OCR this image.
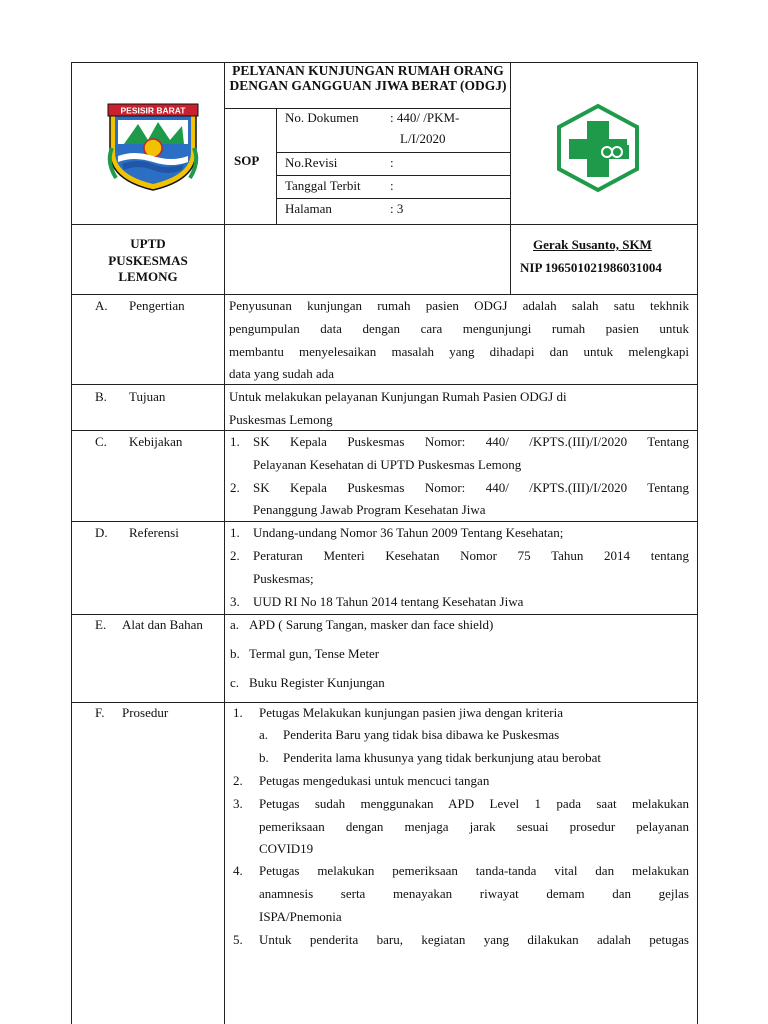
PESISIR BARAT
PELYANAN KUNJUNGAN RUMAH ORANG DENGAN GANGGUAN JIWA BERAT (ODGJ)
SOP
No. Dokumen : 440/ /PKM-
L/I/2020
No.Revisi	:
Tanggal Terbit :
Halaman	: 3
UPTD
PUSKESMAS
LEMONG
Gerak Susanto, SKM
NIP 196501021986031004
A. Pengertian	Penyusunan kunjungan rumah pasien ODGJ adalah salah satu tekhnik
pengumpulan data dengan cara mengunjungi rumah pasien untuk
membantu menyelesaikan masalah yang dihadapi dan untuk melengkapi
data yang sudah ada
B. Tujuan	Untuk melakukan pelayanan Kunjungan Rumah Pasien ODGJ di
Puskesmas Lemong
C. Kebijakan	1. SK Kepala Puskesmas Nomor: 440/ /KPTS.(III)/I/2020 Tentang
Pelayanan Kesehatan di UPTD Puskesmas Lemong
2. SK Kepala Puskesmas Nomor: 440/ /KPTS.(III)/I/2020 Tentang
Penanggung Jawab Program Kesehatan Jiwa
D. Referensi	1. Undang-undang Nomor 36 Tahun 2009 Tentang Kesehatan;
2. Peraturan Menteri Kesehatan Nomor 75 Tahun 2014 tentang
Puskesmas;
3. UUD RI No 18 Tahun 2014 tentang Kesehatan Jiwa
E. Alat dan Bahan a. APD ( Sarung Tangan, masker dan face shield)
b. Termal gun, Tense Meter
c. Buku Register Kunjungan
F. Prosedur	1. Petugas Melakukan kunjungan pasien jiwa dengan kriteria
a. Penderita Baru yang tidak bisa dibawa ke Puskesmas
b. Penderita lama khusunya yang tidak berkunjung atau berobat
2. Petugas mengedukasi untuk mencuci tangan
3. Petugas sudah menggunakan APD Level 1 pada saat melakukan
pemeriksaan dengan menjaga jarak sesuai prosedur pelayanan
COVID19
4. Petugas melakukan pemeriksaan tanda-tanda vital dan melakukan
anamnesis serta menayakan riwayat demam dan gejlas
ISPA/Pnemonia
5. Untuk penderita baru, kegiatan yang dilakukan adalah petugas
